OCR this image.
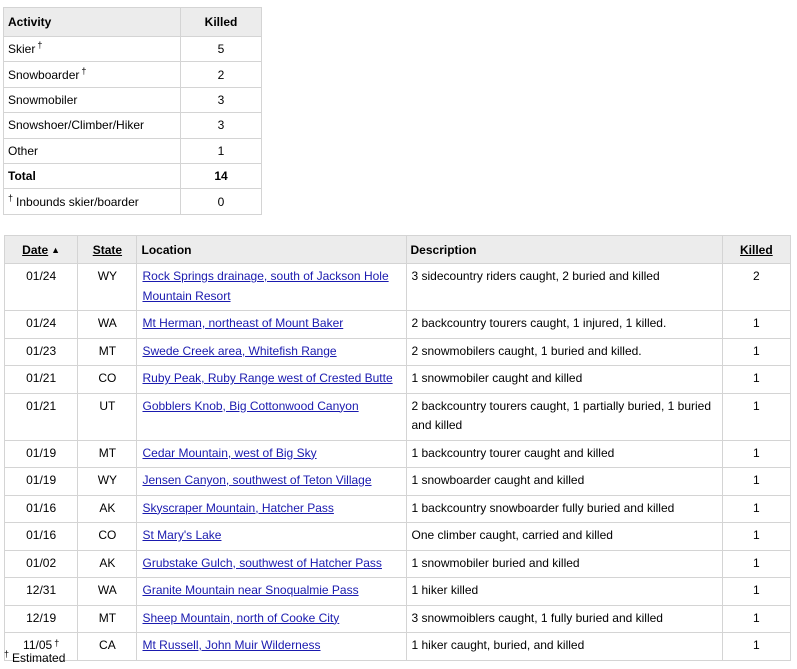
Activity	Killed
Skier †	5
Snowboarder †	2
Snowmobiler	3
Snowshoer/Climber/Hiker	3
Other	1
Total	14
† Inbounds skier/boarder	0
Date ▲	State	Location	Description	Killed
01/24	WY	Rock Springs drainage, south of Jackson Hole Mountain Resort	3 sidecountry riders caught, 2 buried and killed	2
01/24	WA	Mt Herman, northeast of Mount Baker	2 backcountry tourers caught, 1 injured, 1 killed.	1
01/23	MT	Swede Creek area, Whitefish Range	2 snowmobilers caught, 1 buried and killed.	1
01/21	CO	Ruby Peak, Ruby Range west of Crested Butte	1 snowmobiler caught and killed	1
01/21	UT	Gobblers Knob, Big Cottonwood Canyon	2 backcountry tourers caught, 1 partially buried, 1 buried and killed	1
01/19	MT	Cedar Mountain, west of Big Sky	1 backcountry tourer caught and killed	1
01/19	WY	Jensen Canyon, southwest of Teton Village	1 snowboarder caught and killed	1
01/16	AK	Skyscraper Mountain, Hatcher Pass	1 backcountry snowboarder fully buried and killed	1
01/16	CO	St Mary's Lake	One climber caught, carried and killed	1
01/02	AK	Grubstake Gulch, southwest of Hatcher Pass	1 snowmobiler buried and killed	1
12/31	WA	Granite Mountain near Snoqualmie Pass	1 hiker killed	1
12/19	MT	Sheep Mountain, north of Cooke City	3 snowmoiblers caught, 1 fully buried and killed	1
11/05 †	CA	Mt Russell, John Muir Wilderness	1 hiker caught, buried, and killed	1
† Estimated
